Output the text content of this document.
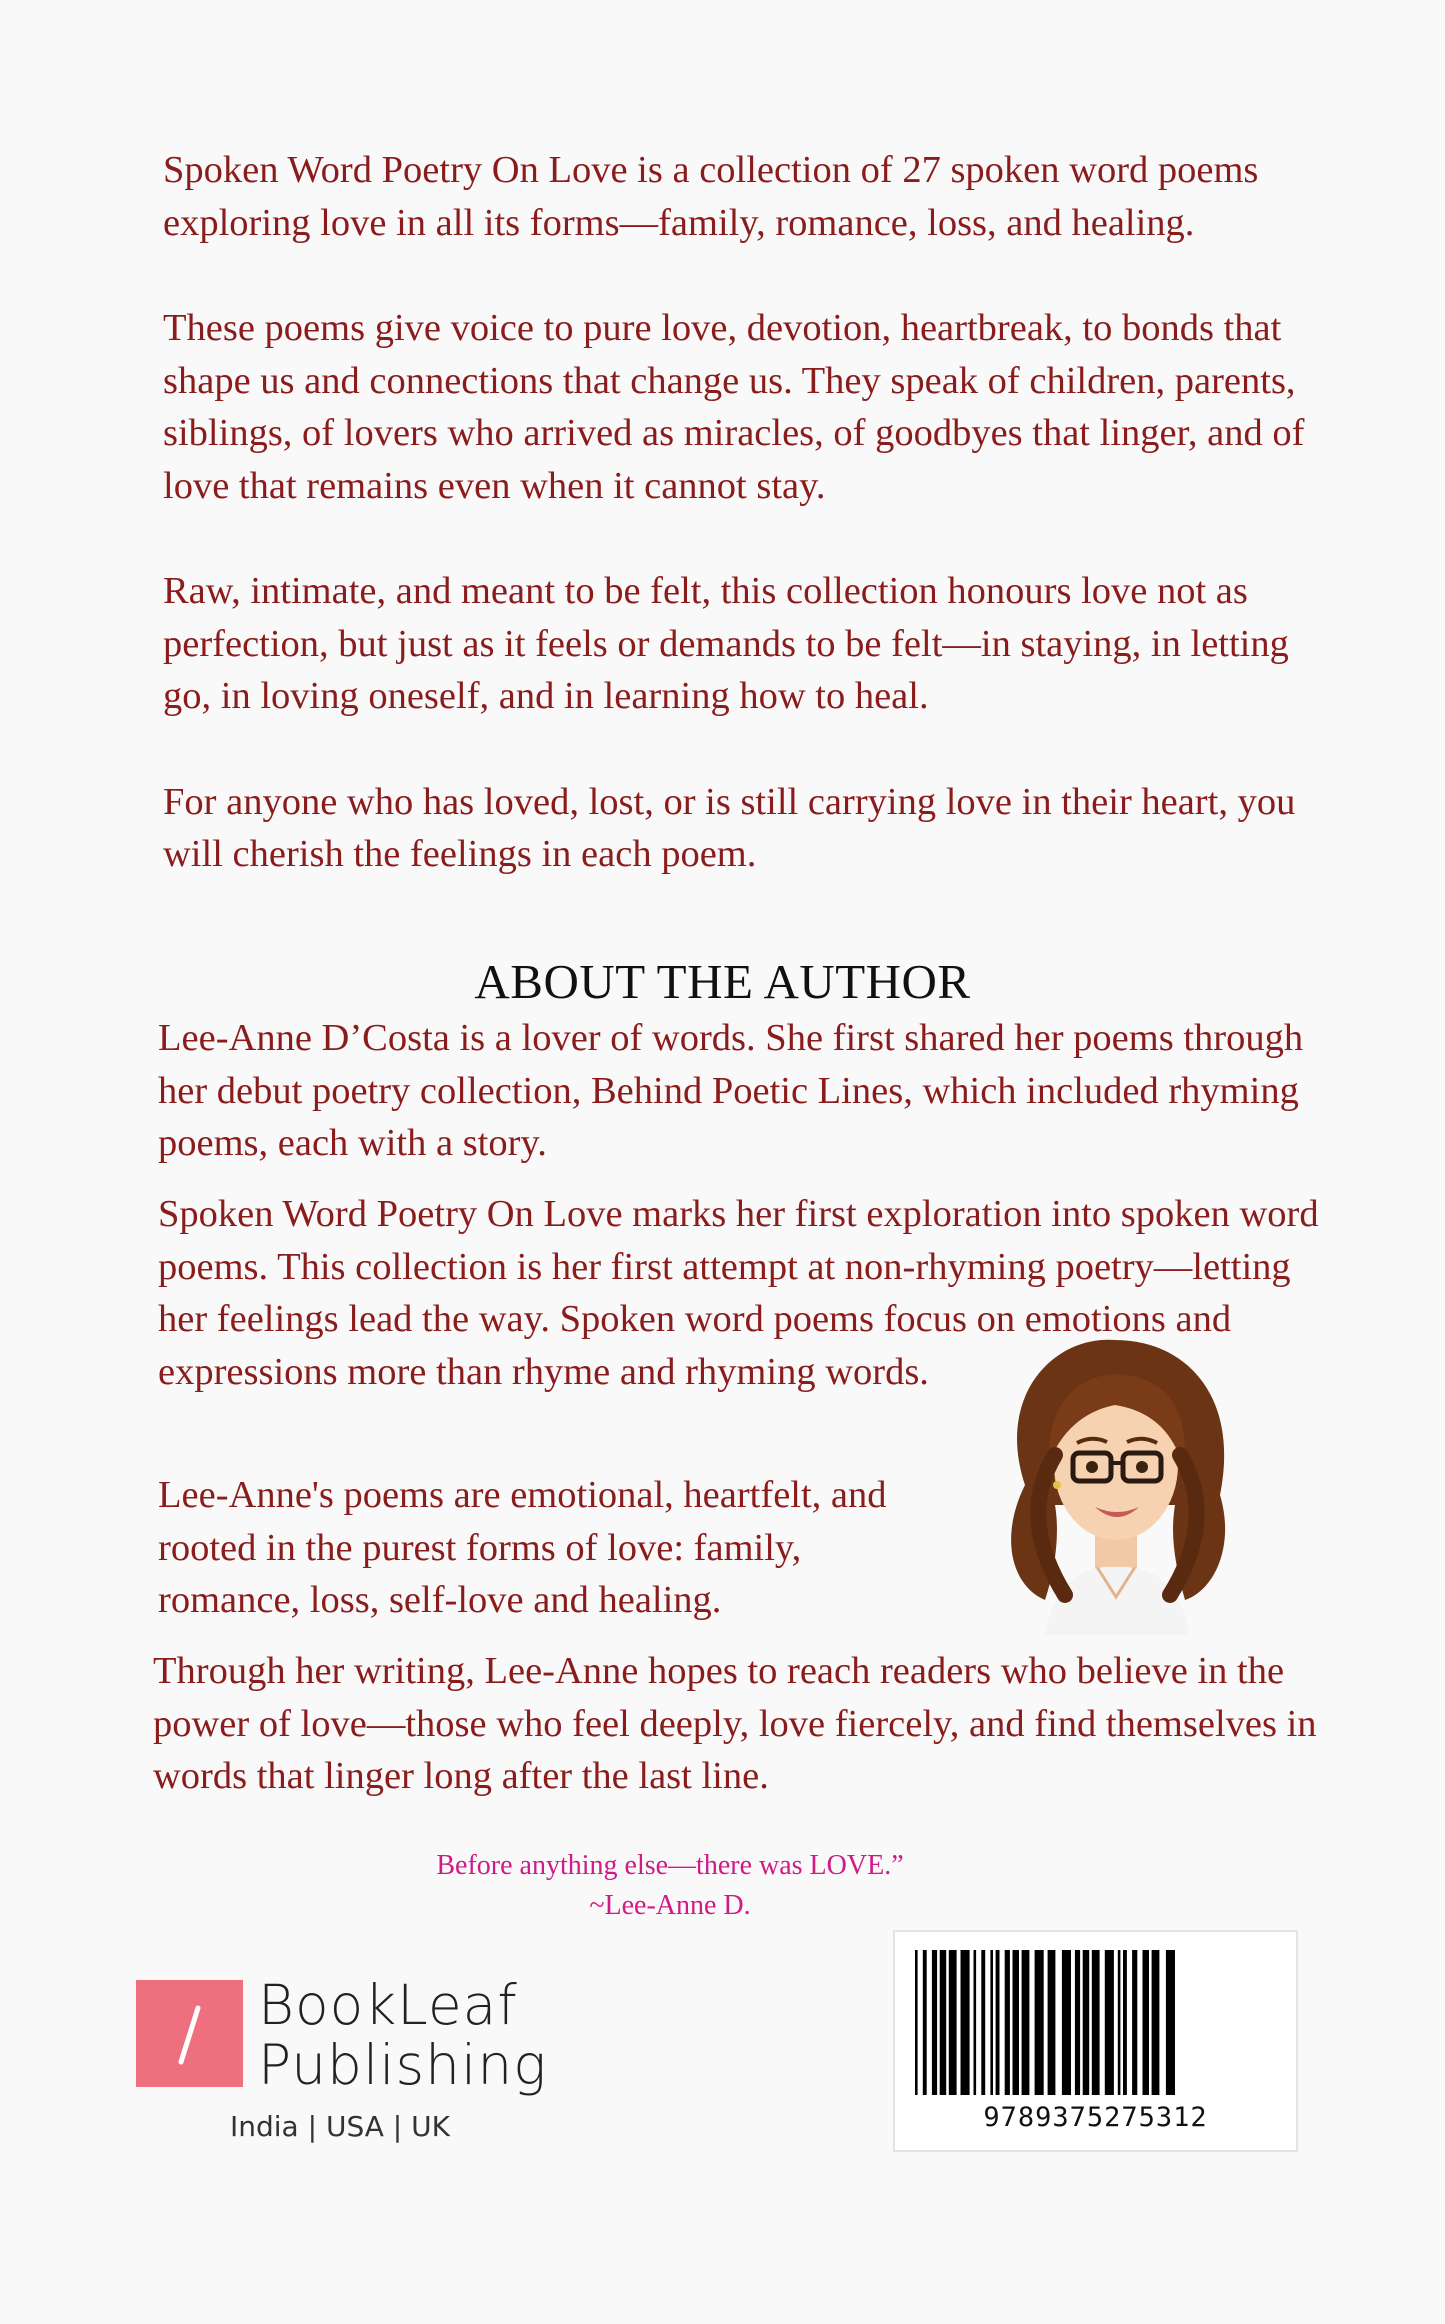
Spoken Word Poetry On Love is a collection of 27 spoken word poems exploring love in all its forms—family, romance, loss, and healing.

These poems give voice to pure love, devotion, heartbreak, to bonds that shape us and connections that change us. They speak of children, parents, siblings, of lovers who arrived as miracles, of goodbyes that linger, and of love that remains even when it cannot stay.

Raw, intimate, and meant to be felt, this collection honours love not as perfection, but just as it feels or demands to be felt—in staying, in letting go, in loving oneself, and in learning how to heal.

For anyone who has loved, lost, or is still carrying love in their heart, you will cherish the feelings in each poem.

ABOUT THE AUTHOR

Lee-Anne D’Costa is a lover of words. She first shared her poems through her debut poetry collection, Behind Poetic Lines, which included rhyming poems, each with a story.

Spoken Word Poetry On Love marks her first exploration into spoken word poems. This collection is her first attempt at non-rhyming poetry—letting her feelings lead the way. Spoken word poems focus on emotions and expressions more than rhyme and rhyming words.

Lee-Anne's poems are emotional, heartfelt, and rooted in the purest forms of love: family, romance, loss, self-love and healing.

Through her writing, Lee-Anne hopes to reach readers who believe in the power of love—those who feel deeply, love fiercely, and find themselves in words that linger long after the last line.

Before anything else—there was LOVE.”
~Lee-Anne D.
BookLeaf
Publishing
India | USA | UK	9789375275312
